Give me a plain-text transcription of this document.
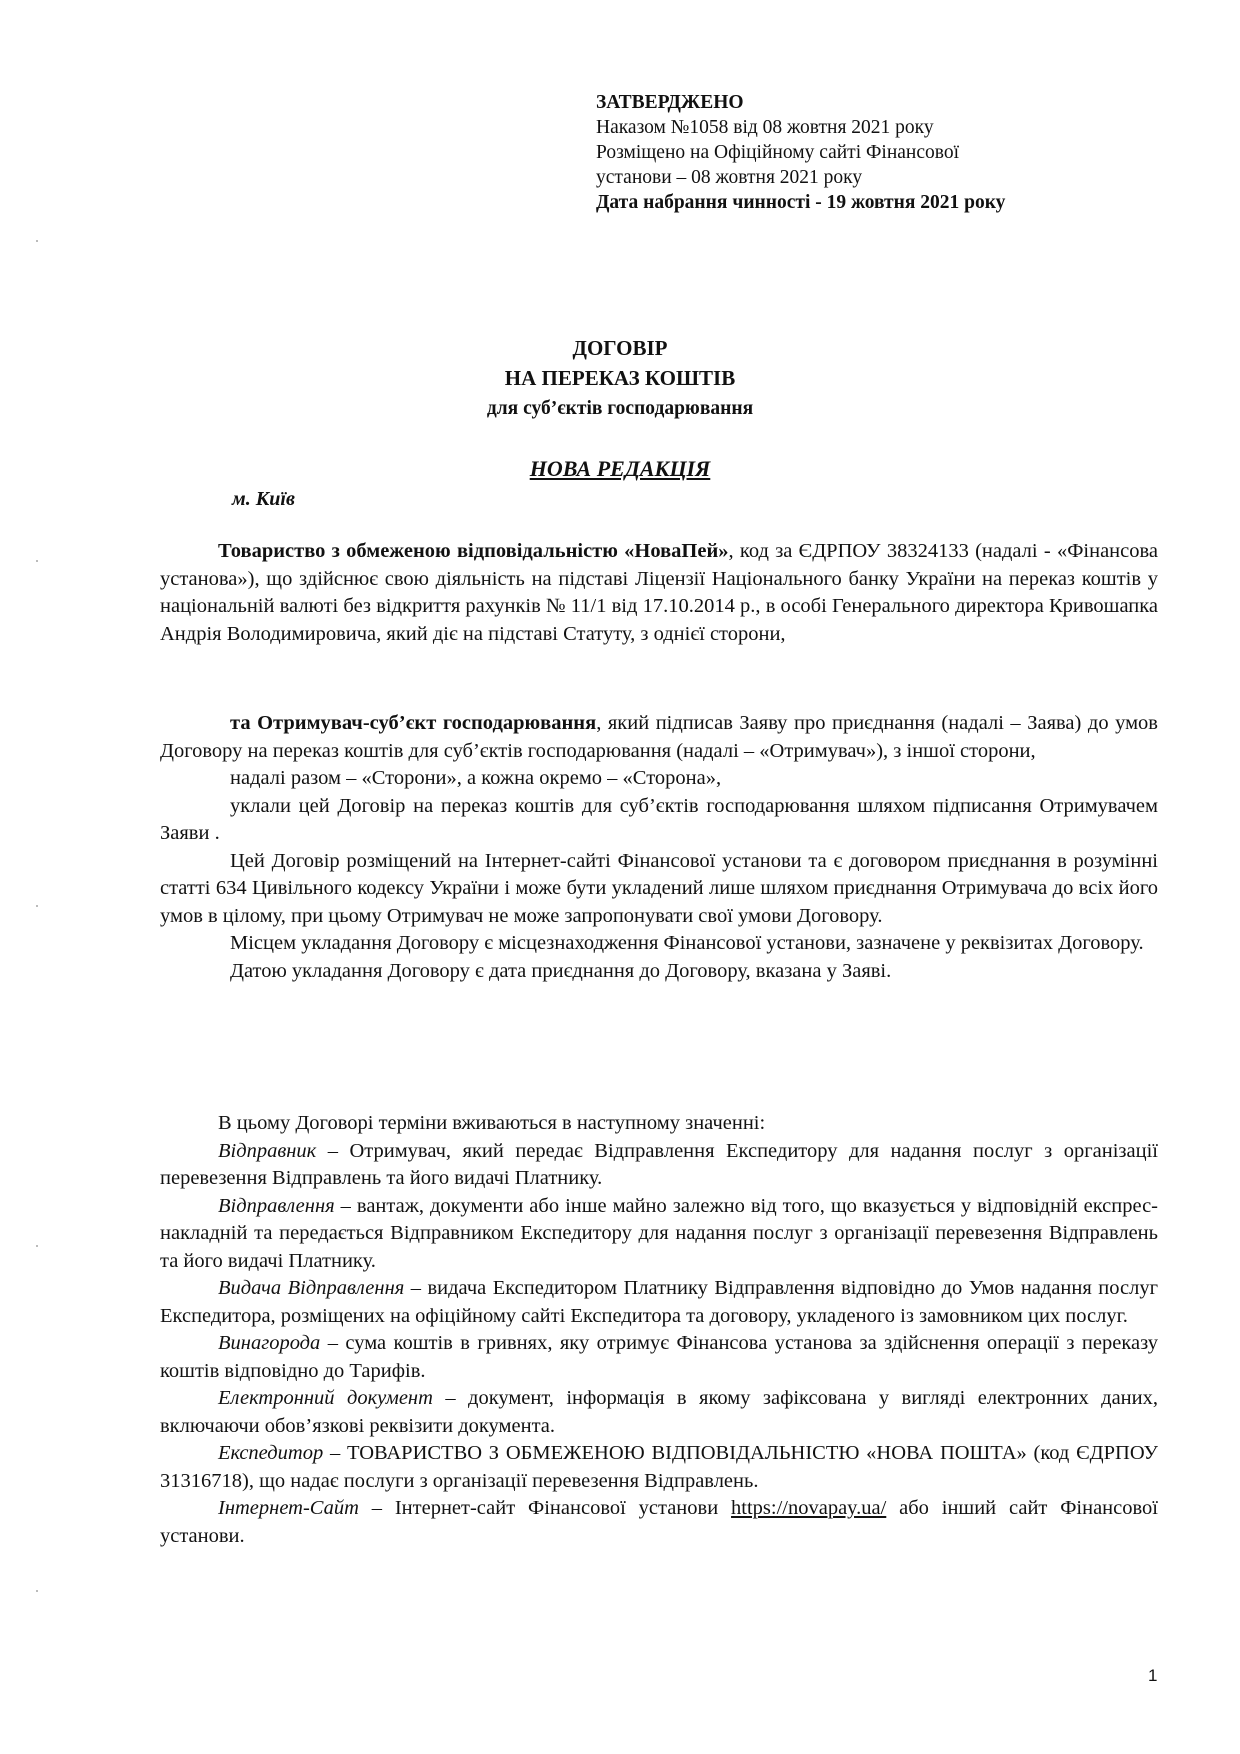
ЗАТВЕРДЖЕНО
Наказом №1058 від 08 жовтня 2021 року
Розміщено на Офіційному сайті Фінансової
установи – 08 жовтня 2021 року
Дата набрання чинності - 19 жовтня 2021 року
ДОГОВІР
НА ПЕРЕКАЗ КОШТІВ
для суб’єктів господарювання
НОВА РЕДАКЦІЯ
м. Київ

Товариство з обмеженою відповідальністю «НоваПей», код за ЄДРПОУ 38324133 (надалі - «Фінансова установа»), що здійснює свою діяльність на підставі Ліцензії Національного банку України на переказ коштів у національній валюті без відкриття рахунків № 11/1 від 17.10.2014 р., в особі Генерального директора Кривошапка Андрія Володимировича, який діє на підставі Статуту, з однієї сторони,

та Отримувач-суб’єкт господарювання, який підписав Заяву про приєднання (надалі – Заява) до умов Договору на переказ коштів для суб’єктів господарювання (надалі – «Отримувач»), з іншої сторони,

надалі разом – «Сторони», а кожна окремо – «Сторона»,

уклали цей Договір на переказ коштів для суб’єктів господарювання шляхом підписання Отримувачем Заяви .

Цей Договір розміщений на Інтернет-сайті Фінансової установи та є договором приєднання в розумінні статті 634 Цивільного кодексу України і може бути укладений лише шляхом приєднання Отримувача до всіх його умов в цілому, при цьому Отримувач не може запропонувати свої умови Договору.

Місцем укладання Договору є місцезнаходження Фінансової установи, зазначене у реквізитах Договору.

Датою укладання Договору є дата приєднання до Договору, вказана у Заяві.

В цьому Договорі терміни вживаються в наступному значенні:

Відправник – Отримувач, який передає Відправлення Експедитору для надання послуг з організації перевезення Відправлень та його видачі Платнику.

Відправлення – вантаж, документи або інше майно залежно від того, що вказується у відповідній експрес-накладній та передається Відправником Експедитору для надання послуг з організації перевезення Відправлень та його видачі Платнику.

Видача Відправлення – видача Експедитором Платнику Відправлення відповідно до Умов надання послуг Експедитора, розміщених на офіційному сайті Експедитора та договору, укладеного із замовником цих послуг.

Винагорода – сума коштів в гривнях, яку отримує Фінансова установа за здійснення операції з переказу коштів відповідно до Тарифів.

Електронний документ – документ, інформація в якому зафіксована у вигляді електронних даних, включаючи обов’язкові реквізити документа.

Експедитор – ТОВАРИСТВО З ОБМЕЖЕНОЮ ВІДПОВІДАЛЬНІСТЮ «НОВА ПОШТА» (код ЄДРПОУ 31316718), що надає послуги з організації перевезення Відправлень.

Інтернет-Сайт – Інтернет-сайт Фінансової установи https://novapay.ua/ або інший сайт Фінансової установи.

1
